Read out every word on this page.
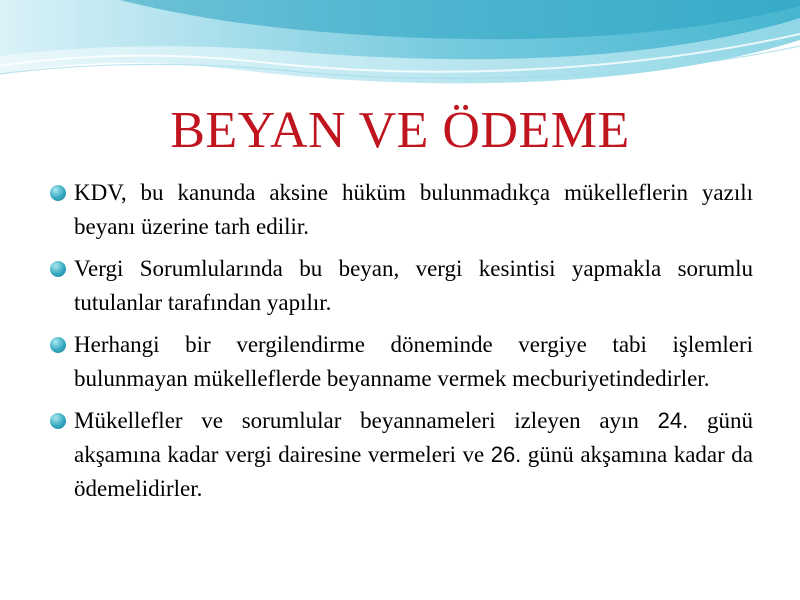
BEYAN VE ÖDEME
KDV, bu kanunda aksine hüküm bulunmadıkça mükelleflerin yazılı beyanı üzerine tarh edilir.
Vergi Sorumlularında bu beyan, vergi kesintisi yapmakla sorumlu tutulanlar tarafından yapılır.
Herhangi bir vergilendirme döneminde vergiye tabi işlemleri bulunmayan mükelleflerde beyanname vermek mecburiyetindedirler.
Mükellefler ve sorumlular beyannameleri izleyen ayın 24. günü akşamına kadar vergi dairesine vermeleri ve 26. günü akşamına kadar da ödemelidirler.
